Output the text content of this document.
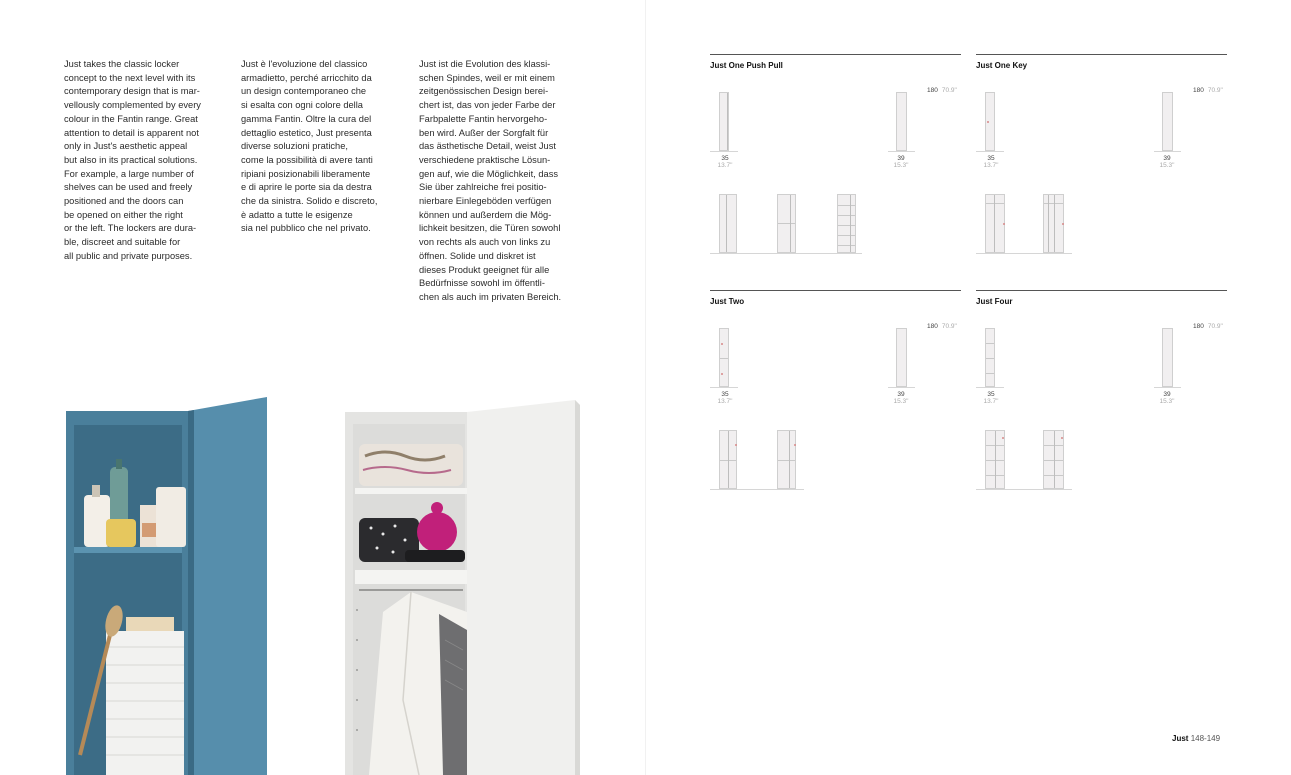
Just takes the classic locker
concept to the next level with its
contemporary design that is mar-
vellously complemented by every
colour in the Fantin range. Great
attention to detail is apparent not
only in Just's aesthetic appeal
but also in its practical solutions.
For example, a large number of
shelves can be used and freely
positioned and the doors can
be opened on either the right
or the left. The lockers are dura-
ble, discreet and suitable for
all public and private purposes.

Just è l'evoluzione del classico
armadietto, perché arricchito da
un design contemporaneo che
si esalta con ogni colore della
gamma Fantin. Oltre la cura del
dettaglio estetico, Just presenta
diverse soluzioni pratiche,
come la possibilità di avere tanti
ripiani posizionabili liberamente
e di aprire le porte sia da destra
che da sinistra. Solido e discreto,
è adatto a tutte le esigenze
sia nel pubblico che nel privato.

Just ist die Evolution des klassi-
schen Spindes, weil er mit einem
zeitgenössischen Design berei-
chert ist, das von jeder Farbe der
Farbpalette Fantin hervorgeho-
ben wird. Außer der Sorgfalt für
das ästhetische Detail, weist Just
verschiedene praktische Lösun-
gen auf, wie die Möglichkeit, dass
Sie über zahlreiche frei positio-
nierbare Einlegeböden verfügen
können und außerdem die Mög-
lichkeit besitzen, die Türen sowohl
von rechts als auch von links zu
öffnen. Solide und diskret ist
dieses Produkt geeignet für alle
Bedürfnisse sowohl im öffentli-
chen als auch im privaten Bereich.

Just One Push Pull
180 70.9"
35
13.7"
39
15.3"
Just One Key
180 70.9"
35
13.7"
39
15.3"
Just Two
180 70.9"
35
13.7"
39
15.3"
Just Four
180 70.9"
35
13.7"
39
15.3"
Just 148-149
